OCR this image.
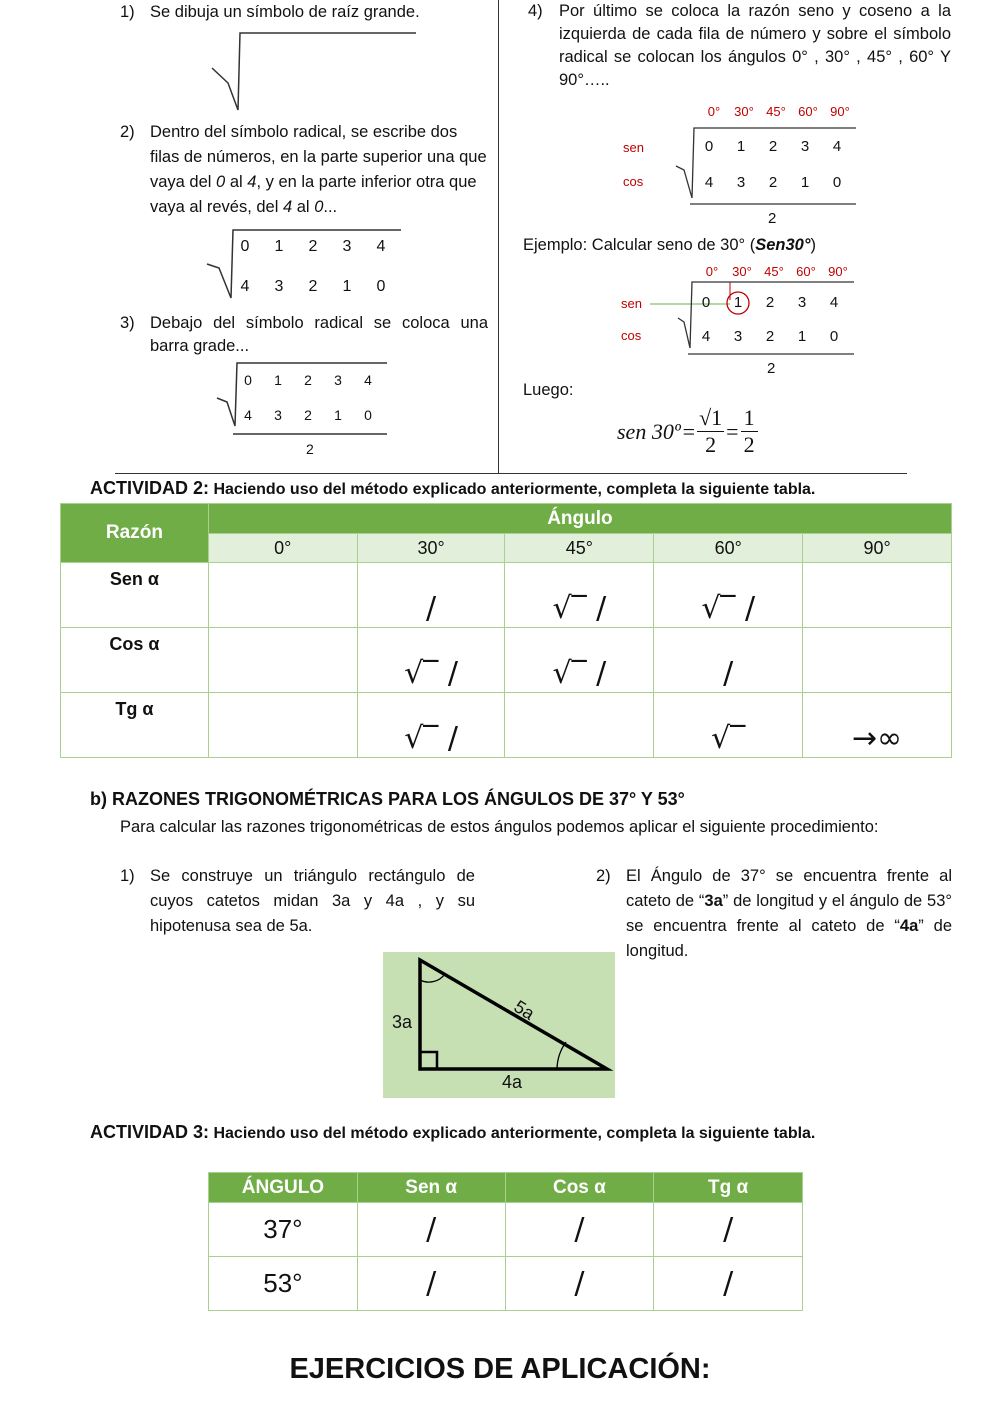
1) Se dibuja un símbolo de raíz grande.
2) Dentro del símbolo radical, se escribe dos filas de números, en la parte superior una que vaya del 0 al 4, y en la parte inferior otra que vaya al revés, del 4 al 0...
0 1 2 3 4
4 3 2 1 0
3) Debajo del símbolo radical se coloca una barra grade...
0 1 2 3 4
4 3 2 1 0
2
4) Por último se coloca la razón seno y coseno a la izquierda de cada fila de número y sobre el símbolo radical se colocan los ángulos 0° , 30° , 45° , 60° Y 90°…..
0° 30° 45° 60° 90°
sen
cos
0 1 2 3 4
4 3 2 1 0
2
Ejemplo: Calcular seno de 30° (Sen30°)
0° 30° 45° 60° 90°
sen
cos
0 1 2 3 4
4 3 2 1 0
2
Luego:
sen 30º = $\frac{√1}{2} = \frac{1}{2}$
ACTIVIDAD 2: Haciendo uso del método explicado anteriormente, completa la siguiente tabla.
Razón	Ángulo				
	0°	30°	45°	60°	90°
Sen α		/	√‾ /	√‾ /	
Cos α		√‾ /	√‾ /	/	
Tg α		√‾ /		√‾	→∞
b) RAZONES TRIGONOMÉTRICAS PARA LOS ÁNGULOS DE 37° Y 53°
Para calcular las razones trigonométricas de estos ángulos podemos aplicar el siguiente procedimiento:
1) Se construye un triángulo rectángulo de cuyos catetos midan 3a y 4a , y su hipotenusa sea de 5a.
2) El Ángulo de 37° se encuentra frente al cateto de “3a” de longitud y el ángulo de 53° se encuentra frente al cateto de “4a” de longitud.
3a
4a
5a
ACTIVIDAD 3: Haciendo uso del método explicado anteriormente, completa la siguiente tabla.
ÁNGULO	Sen α	Cos α	Tg α
37°	/	/	/
53°	/	/	/
EJERCICIOS DE APLICACIÓN:
